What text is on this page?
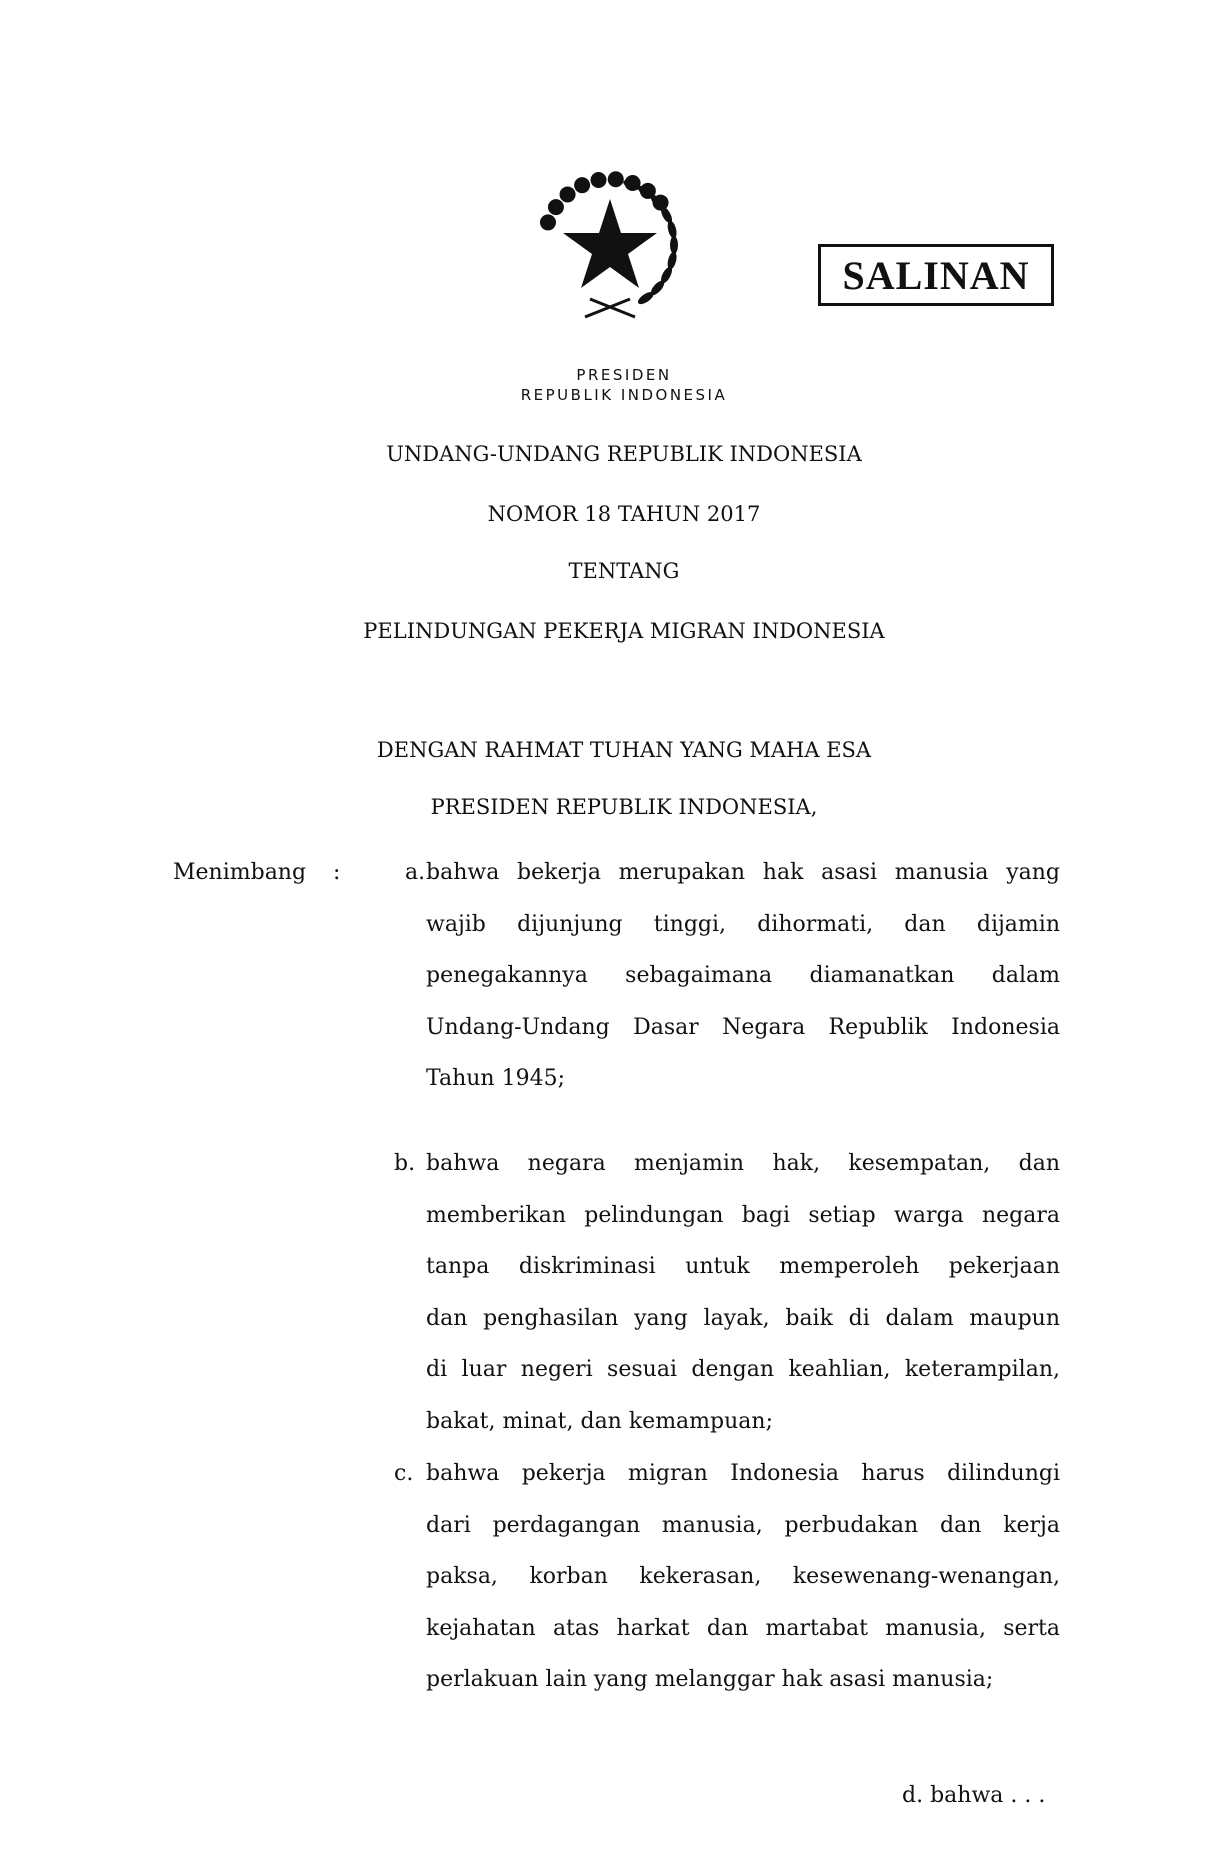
SALINAN
PRESIDEN
REPUBLIK INDONESIA
UNDANG-UNDANG REPUBLIK INDONESIA
NOMOR 18 TAHUN 2017
TENTANG
PELINDUNGAN PEKERJA MIGRAN INDONESIA
DENGAN RAHMAT TUHAN YANG MAHA ESA
PRESIDEN REPUBLIK INDONESIA,
Menimbang :	a. bahwa bekerja merupakan hak asasi manusia yang
wajib dijunjung tinggi, dihormati, dan dijamin
penegakannya sebagaimana diamanatkan dalam
Undang-Undang Dasar Negara Republik Indonesia
Tahun 1945;
b. bahwa negara menjamin hak, kesempatan, dan
memberikan pelindungan bagi setiap warga negara
tanpa diskriminasi untuk memperoleh pekerjaan
dan penghasilan yang layak, baik di dalam maupun
di luar negeri sesuai dengan keahlian, keterampilan,
bakat, minat, dan kemampuan;
c. bahwa pekerja migran Indonesia harus dilindungi
dari perdagangan manusia, perbudakan dan kerja
paksa, korban kekerasan, kesewenang-wenangan,
kejahatan atas harkat dan martabat manusia, serta
perlakuan lain yang melanggar hak asasi manusia;
d. bahwa . . .
